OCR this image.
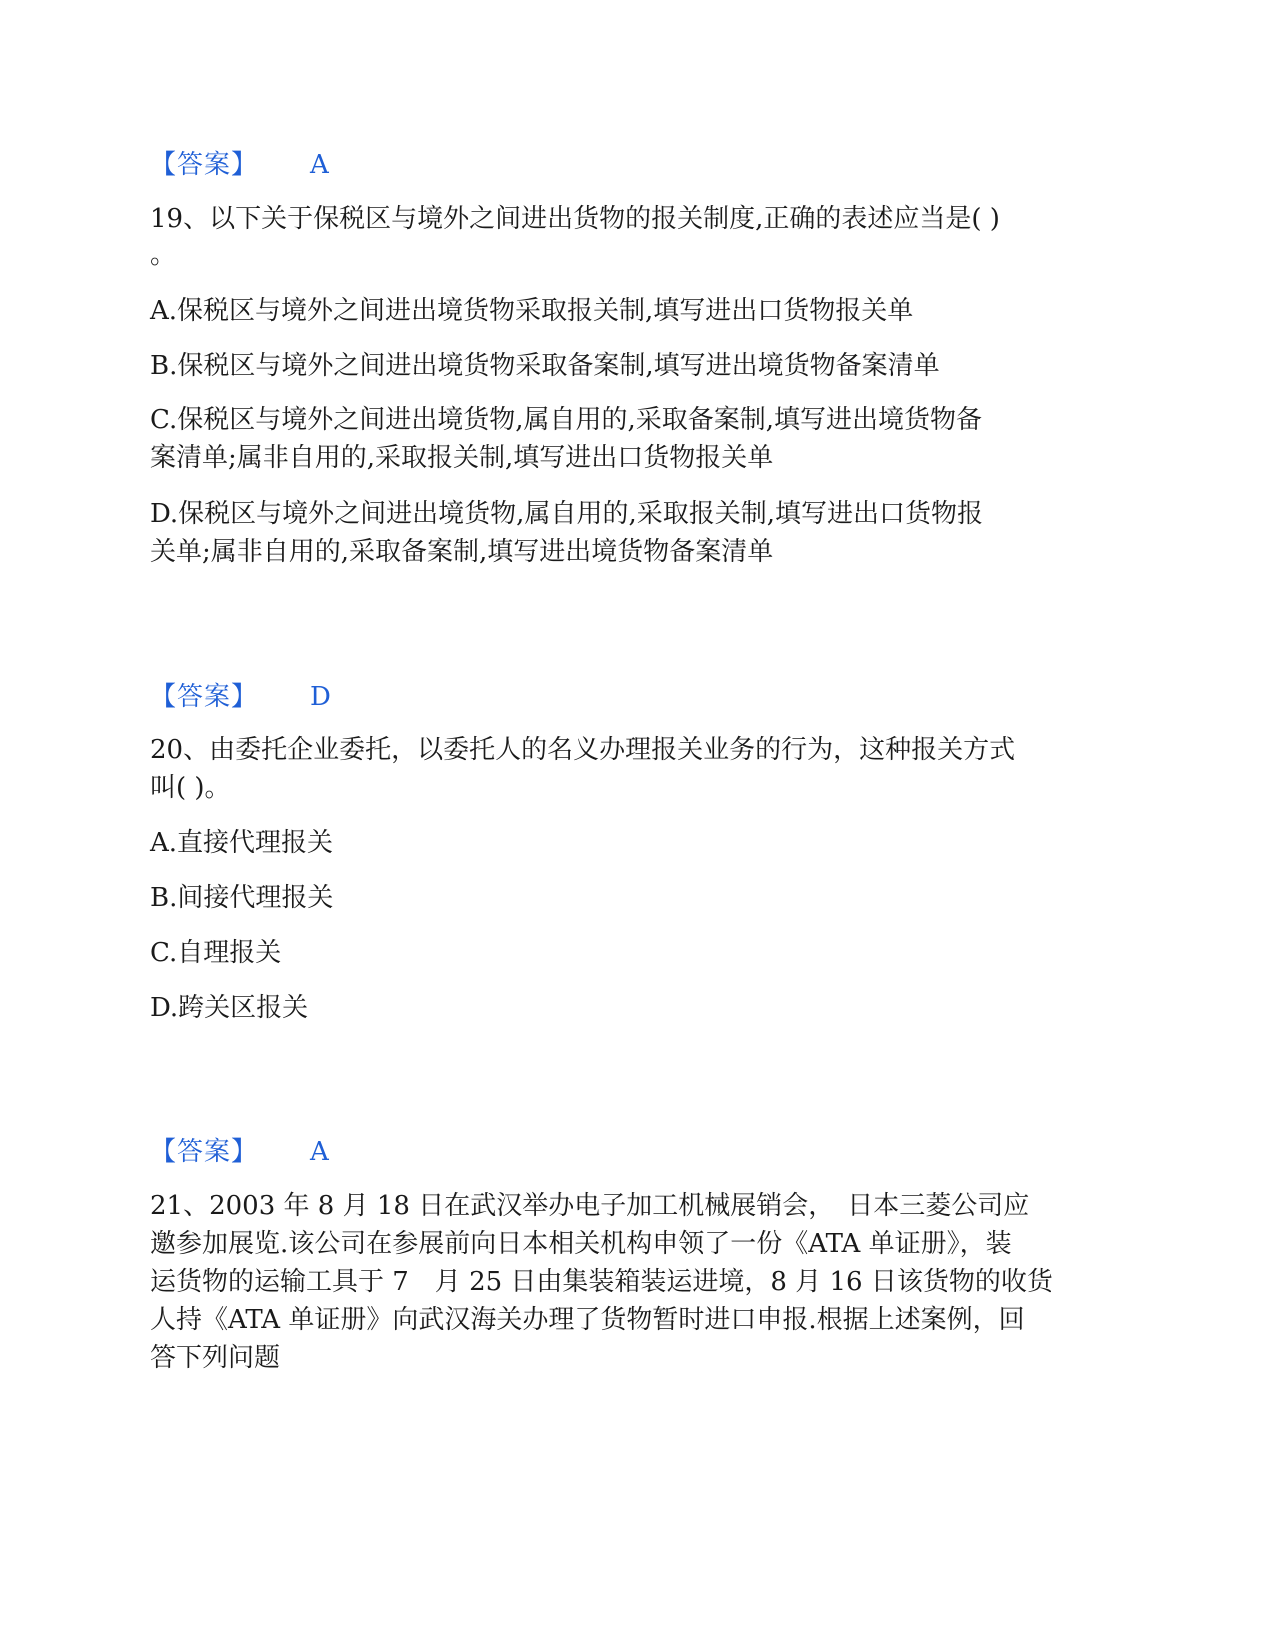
【答案】 A
19、以下关于保税区与境外之间进出货物的报关制度,正确的表述应当是( )
。
A.保税区与境外之间进出境货物采取报关制,填写进出口货物报关单
B.保税区与境外之间进出境货物采取备案制,填写进出境货物备案清单
C.保税区与境外之间进出境货物,属自用的,采取备案制,填写进出境货物备
案清单;属非自用的,采取报关制,填写进出口货物报关单
D.保税区与境外之间进出境货物,属自用的,采取报关制,填写进出口货物报
关单;属非自用的,采取备案制,填写进出境货物备案清单
【答案】 D
20、由委托企业委托，以委托人的名义办理报关业务的行为，这种报关方式
叫( )。
A.直接代理报关
B.间接代理报关
C.自理报关
D.跨关区报关
【答案】 A
21、2003 年 8 月 18 日在武汉举办电子加工机械展销会，　日本三菱公司应
邀参加展览.该公司在参展前向日本相关机构申领了一份《ATA 单证册》，装
运货物的运输工具于 7　月 25 日由集装箱装运进境，8 月 16 日该货物的收货
人持《ATA 单证册》向武汉海关办理了货物暂时进口申报.根据上述案例，回
答下列问题
